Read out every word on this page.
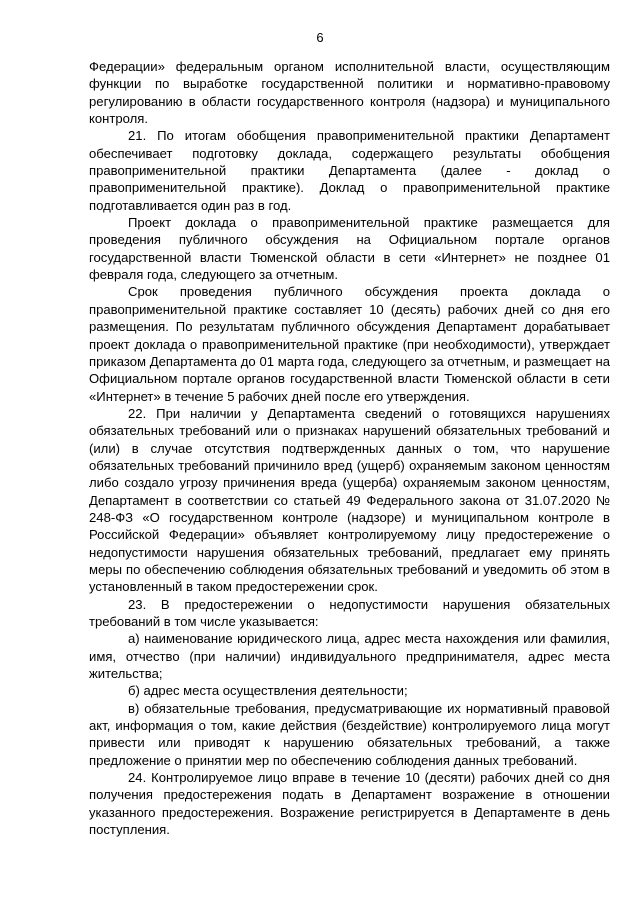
6

Федерации» федеральным органом исполнительной власти, осуществляющим функции по выработке государственной политики и нормативно-правовому регулированию в области государственного контроля (надзора) и муниципального контроля.

21. По итогам обобщения правоприменительной практики Департамент обеспечивает подготовку доклада, содержащего результаты обобщения правоприменительной практики Департамента (далее - доклад о правоприменительной практике). Доклад о правоприменительной практике подготавливается один раз в год.

Проект доклада о правоприменительной практике размещается для проведения публичного обсуждения на Официальном портале органов государственной власти Тюменской области в сети «Интернет» не позднее 01 февраля года, следующего за отчетным.

Срок проведения публичного обсуждения проекта доклада о правоприменительной практике составляет 10 (десять) рабочих дней со дня его размещения. По результатам публичного обсуждения Департамент дорабатывает проект доклада о правоприменительной практике (при необходимости), утверждает приказом Департамента до 01 марта года, следующего за отчетным, и размещает на Официальном портале органов государственной власти Тюменской области в сети «Интернет» в течение 5 рабочих дней после его утверждения.

22. При наличии у Департамента сведений о готовящихся нарушениях обязательных требований или о признаках нарушений обязательных требований и (или) в случае отсутствия подтвержденных данных о том, что нарушение обязательных требований причинило вред (ущерб) охраняемым законом ценностям либо создало угрозу причинения вреда (ущерба) охраняемым законом ценностям, Департамент в соответствии со статьей 49 Федерального закона от 31.07.2020 № 248-ФЗ «О государственном контроле (надзоре) и муниципальном контроле в Российской Федерации» объявляет контролируемому лицу предостережение о недопустимости нарушения обязательных требований, предлагает ему принять меры по обеспечению соблюдения обязательных требований и уведомить об этом в установленный в таком предостережении срок.

23. В предостережении о недопустимости нарушения обязательных требований в том числе указывается:

а) наименование юридического лица, адрес места нахождения или фамилия, имя, отчество (при наличии) индивидуального предпринимателя, адрес места жительства;

б) адрес места осуществления деятельности;

в) обязательные требования, предусматривающие их нормативный правовой акт, информация о том, какие действия (бездействие) контролируемого лица могут привести или приводят к нарушению обязательных требований, а также предложение о принятии мер по обеспечению соблюдения данных требований.

24. Контролируемое лицо вправе в течение 10 (десяти) рабочих дней со дня получения предостережения подать в Департамент возражение в отношении указанного предостережения. Возражение регистрируется в Департаменте в день поступления.
